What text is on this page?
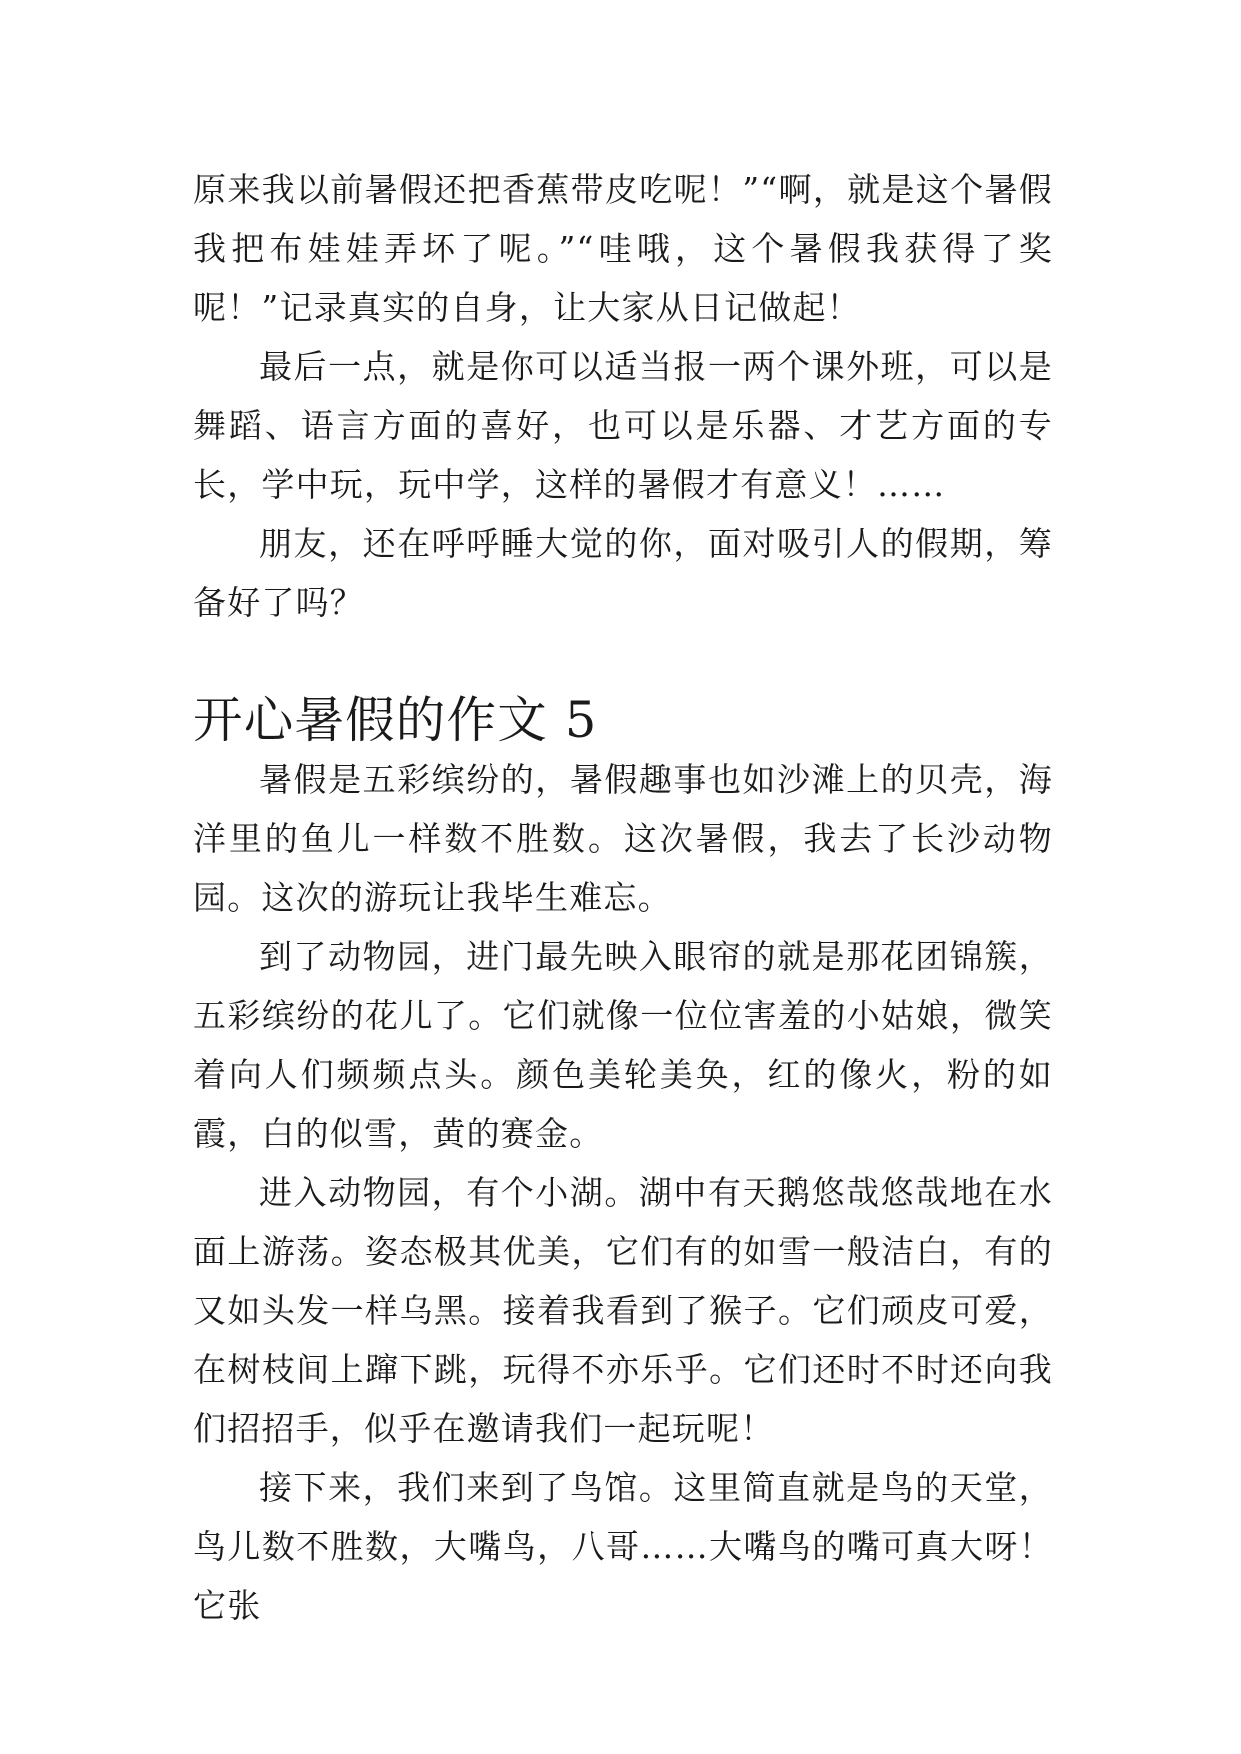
原来我以前暑假还把香蕉带皮吃呢！”“啊，就是这个暑假我把布娃娃弄坏了呢。”“哇哦，这个暑假我获得了奖呢！”记录真实的自身，让大家从日记做起！

最后一点，就是你可以适当报一两个课外班，可以是舞蹈、语言方面的喜好，也可以是乐器、才艺方面的专长，学中玩，玩中学，这样的暑假才有意义！……

朋友，还在呼呼睡大觉的你，面对吸引人的假期，筹备好了吗？

开心暑假的作文 5

暑假是五彩缤纷的，暑假趣事也如沙滩上的贝壳，海洋里的鱼儿一样数不胜数。这次暑假，我去了长沙动物园。这次的游玩让我毕生难忘。

到了动物园，进门最先映入眼帘的就是那花团锦簇，五彩缤纷的花儿了。它们就像一位位害羞的小姑娘，微笑着向人们频频点头。颜色美轮美奂，红的像火，粉的如霞，白的似雪，黄的赛金。

进入动物园，有个小湖。湖中有天鹅悠哉悠哉地在水面上游荡。姿态极其优美，它们有的如雪一般洁白，有的又如头发一样乌黑。接着我看到了猴子。它们顽皮可爱，在树枝间上蹿下跳，玩得不亦乐乎。它们还时不时还向我们招招手，似乎在邀请我们一起玩呢！

接下来，我们来到了鸟馆。这里简直就是鸟的天堂，鸟儿数不胜数，大嘴鸟，八哥……大嘴鸟的嘴可真大呀！它张
